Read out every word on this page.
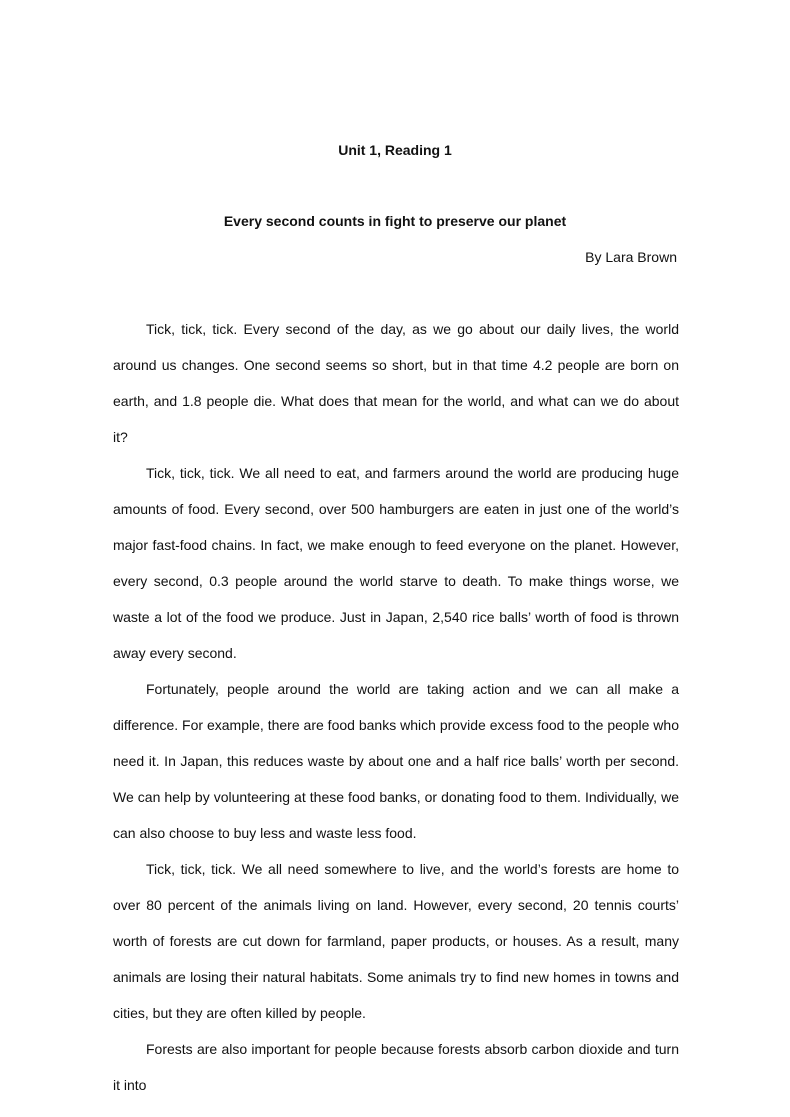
Unit 1, Reading 1
Every second counts in fight to preserve our planet
By Lara Brown

Tick, tick, tick. Every second of the day, as we go about our daily lives, the world around us changes. One second seems so short, but in that time 4.2 people are born on earth, and 1.8 people die. What does that mean for the world, and what can we do about it?

Tick, tick, tick. We all need to eat, and farmers around the world are producing huge amounts of food. Every second, over 500 hamburgers are eaten in just one of the world’s major fast-food chains. In fact, we make enough to feed everyone on the planet. However, every second, 0.3 people around the world starve to death. To make things worse, we waste a lot of the food we produce. Just in Japan, 2,540 rice balls’ worth of food is thrown away every second.

Fortunately, people around the world are taking action and we can all make a difference. For example, there are food banks which provide excess food to the people who need it. In Japan, this reduces waste by about one and a half rice balls’ worth per second. We can help by volunteering at these food banks, or donating food to them. Individually, we can also choose to buy less and waste less food.

Tick, tick, tick. We all need somewhere to live, and the world’s forests are home to over 80 percent of the animals living on land. However, every second, 20 tennis courts’ worth of forests are cut down for farmland, paper products, or houses. As a result, many animals are losing their natural habitats. Some animals try to find new homes in towns and cities, but they are often killed by people.

Forests are also important for people because forests absorb carbon dioxide and turn it into
